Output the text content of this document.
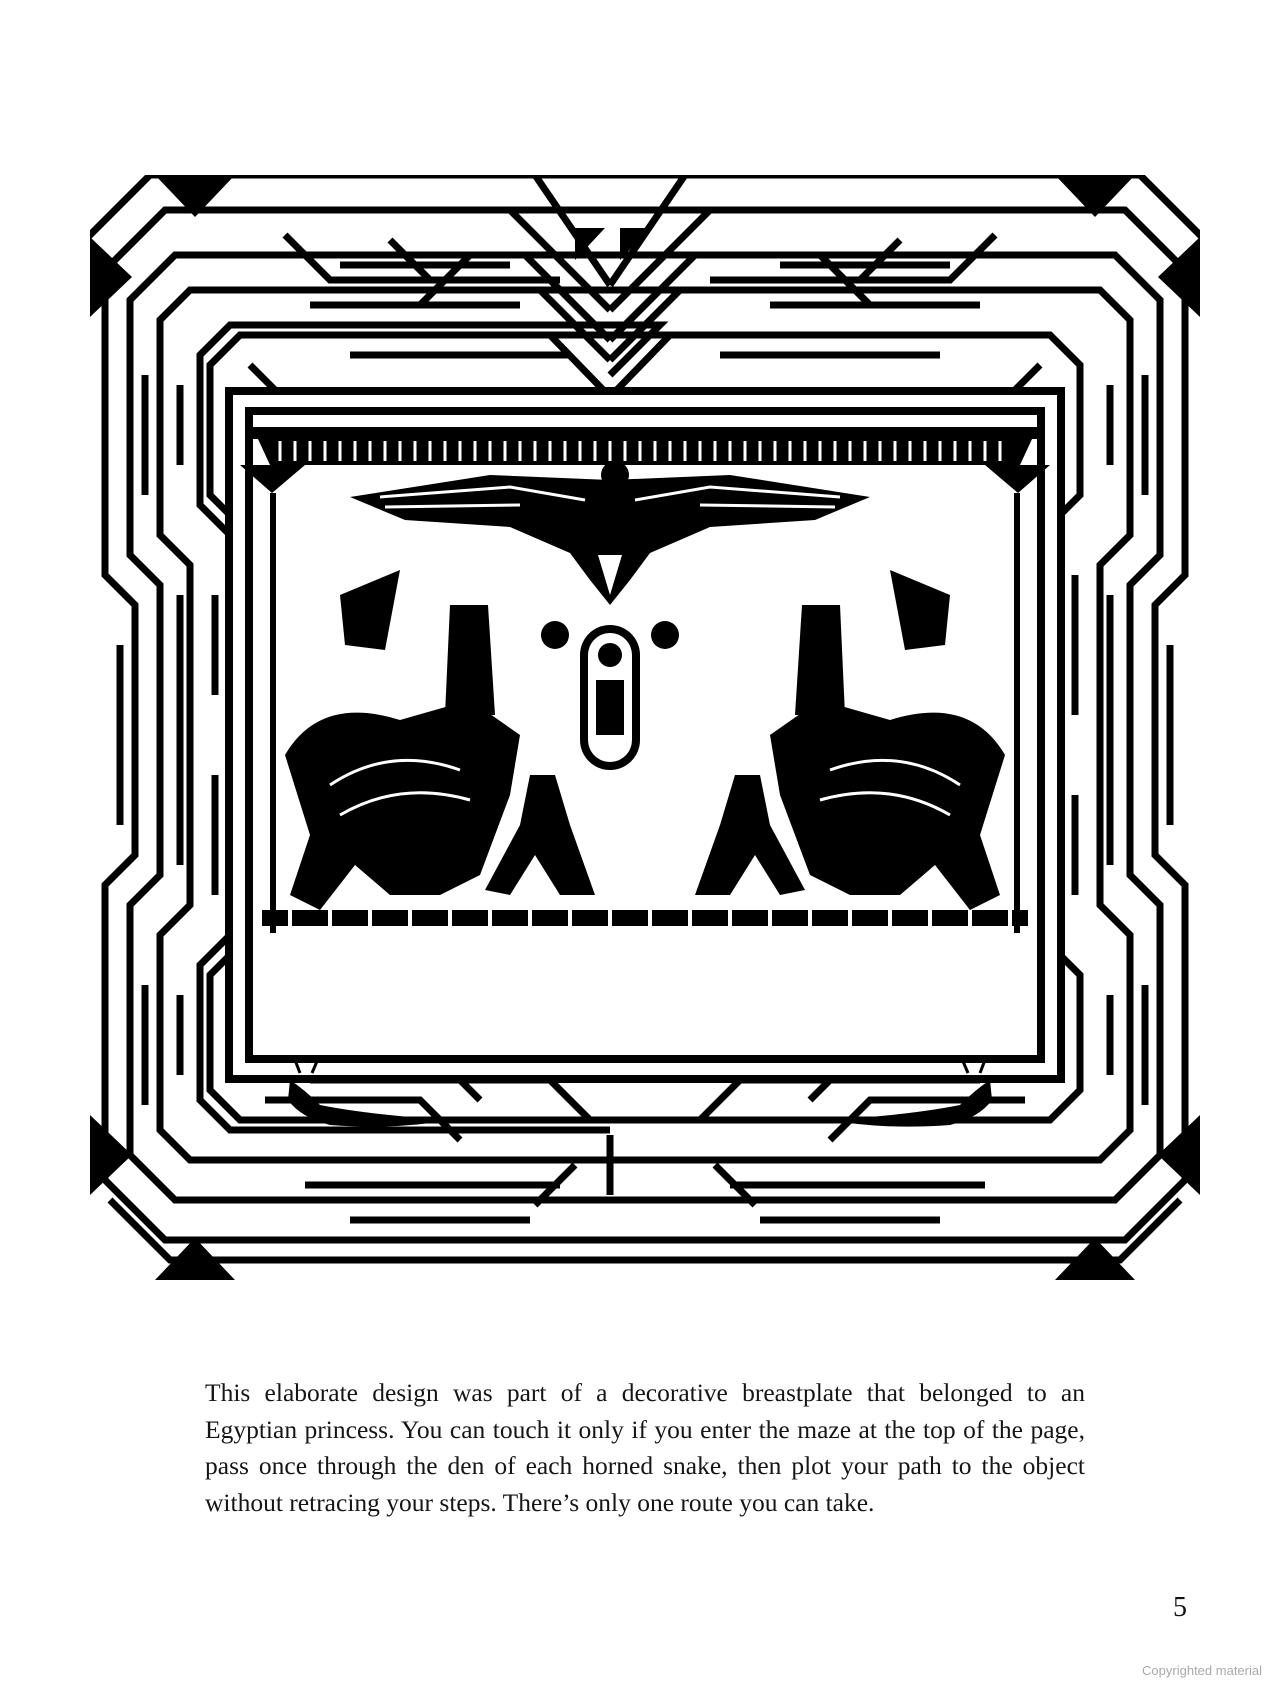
This elaborate design was part of a decorative breastplate that belonged to an Egyptian princess. You can touch it only if you enter the maze at the top of the page, pass once through the den of each horned snake, then plot your path to the object without retracing your steps. There’s only one route you can take.

5
Copyrighted material
